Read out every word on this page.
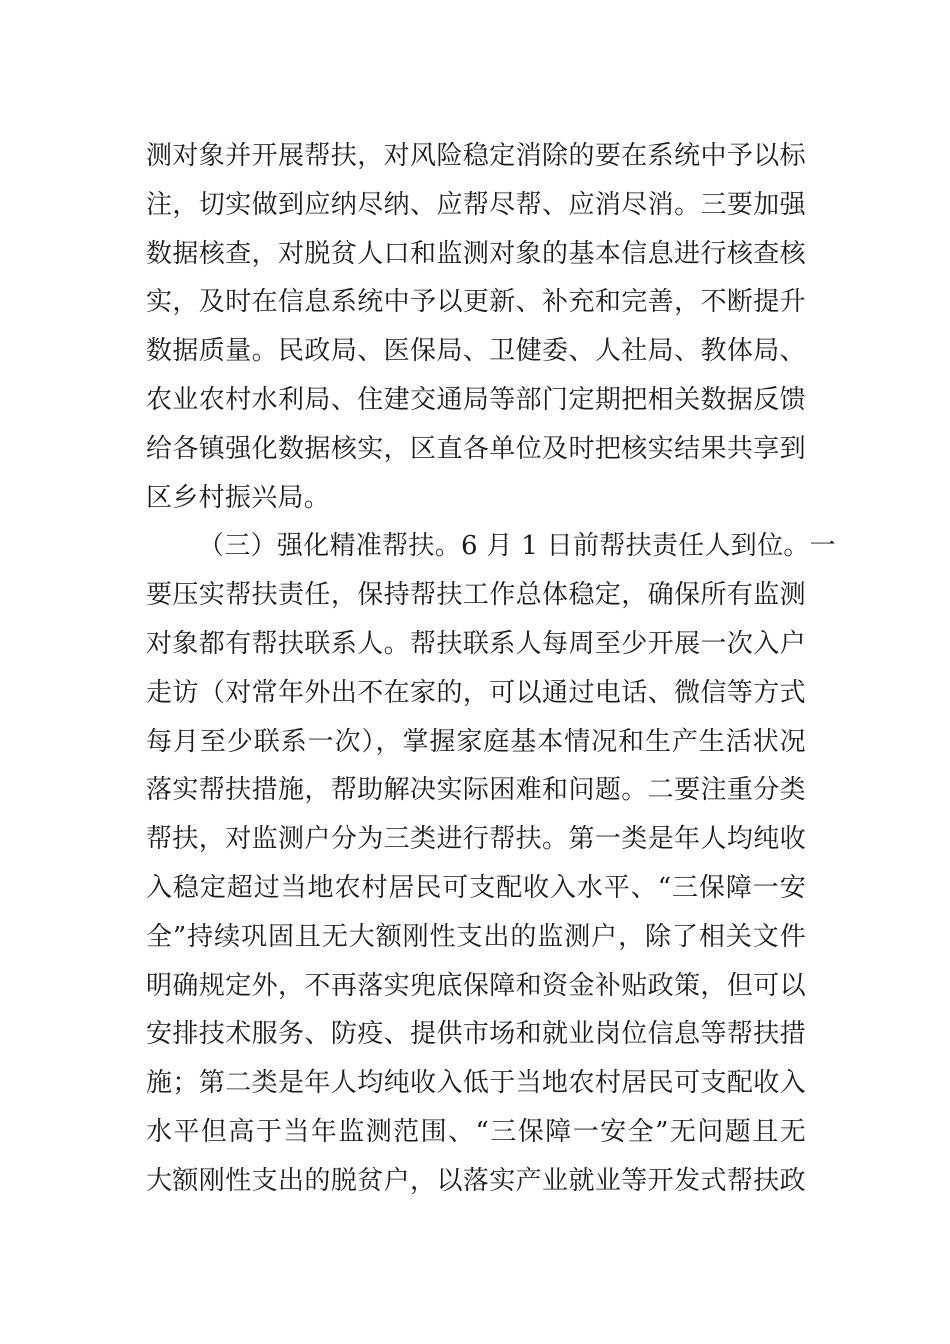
测对象并开展帮扶，对风险稳定消除的要在系统中予以标
注，切实做到应纳尽纳、应帮尽帮、应消尽消。三要加强
数据核查，对脱贫人口和监测对象的基本信息进行核查核
实，及时在信息系统中予以更新、补充和完善，不断提升
数据质量。民政局、医保局、卫健委、人社局、教体局、
农业农村水利局、住建交通局等部门定期把相关数据反馈
给各镇强化数据核实，区直各单位及时把核实结果共享到
区乡村振兴局。
（三）强化精准帮扶。6 月 1 日前帮扶责任人到位。一
要压实帮扶责任，保持帮扶工作总体稳定，确保所有监测
对象都有帮扶联系人。帮扶联系人每周至少开展一次入户
走访（对常年外出不在家的，可以通过电话、微信等方式
每月至少联系一次），掌握家庭基本情况和生产生活状况
落实帮扶措施，帮助解决实际困难和问题。二要注重分类
帮扶，对监测户分为三类进行帮扶。第一类是年人均纯收
入稳定超过当地农村居民可支配收入水平、“三保障一安
全”持续巩固且无大额刚性支出的监测户，除了相关文件
明确规定外，不再落实兜底保障和资金补贴政策，但可以
安排技术服务、防疫、提供市场和就业岗位信息等帮扶措
施；第二类是年人均纯收入低于当地农村居民可支配收入
水平但高于当年监测范围、“三保障一安全”无问题且无
大额刚性支出的脱贫户，以落实产业就业等开发式帮扶政
